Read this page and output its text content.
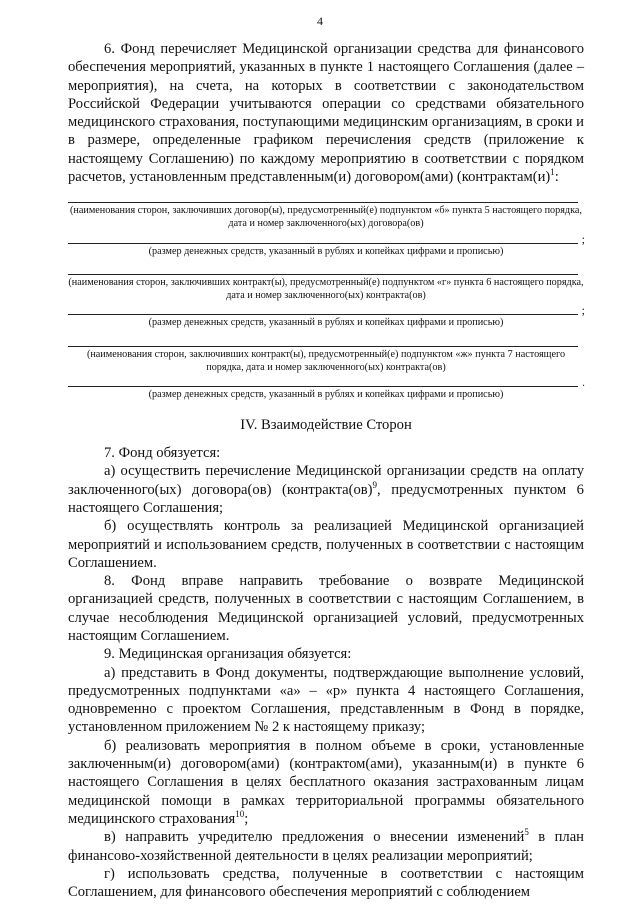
4

6. Фонд перечисляет Медицинской организации средства для финансового обеспечения мероприятий, указанных в пункте 1 настоящего Соглашения (далее – мероприятия), на счета, на которых в соответствии с законодательством Российской Федерации учитываются операции со средствами обязательного медицинского страхования, поступающими медицинским организациям, в сроки и в размере, определенные графиком перечисления средств (приложение к настоящему Соглашению) по каждому мероприятию в соответствии с порядком расчетов, установленным представленным(и) договором(ами) ($контрактам(и)^1$:

(наименования сторон, заключивших договор(ы), предусмотренный(е) подпунктом «б» пункта 5 настоящего порядка, дата и номер заключенного(ых) договора(ов)
;
(размер денежных средств, указанный в рублях и копейках цифрами и прописью)
(наименования сторон, заключивших контракт(ы), предусмотренный(е) подпунктом «г» пункта 6 настоящего порядка, дата и номер заключенного(ых) контракта(ов)
;
(размер денежных средств, указанный в рублях и копейках цифрами и прописью)
(наименования сторон, заключивших контракт(ы), предусмотренный(е) подпунктом «ж» пункта 7 настоящего порядка, дата и номер заключенного(ых) контракта(ов)
.
(размер денежных средств, указанный в рублях и копейках цифрами и прописью)

IV. Взаимодействие Сторон

7. Фонд обязуется:

а) осуществить перечисление Медицинской организации средств на оплату заключенного(ых) договора(ов) (контракта(ов)$^9$, предусмотренных пунктом 6 настоящего Соглашения;

б) осуществлять контроль за реализацией Медицинской организацией мероприятий и использованием средств, полученных в соответствии с настоящим Соглашением.

8. Фонд вправе направить требование о возврате Медицинской организацией средств, полученных в соответствии с настоящим Соглашением, в случае несоблюдения Медицинской организацией условий, предусмотренных настоящим Соглашением.

9. Медицинская организация обязуется:

а) представить в Фонд документы, подтверждающие выполнение условий, предусмотренных подпунктами «а» – «р» пункта 4 настоящего Соглашения, одновременно с проектом Соглашения, представленным в Фонд в порядке, установленном приложением № 2 к настоящему приказу;

б) реализовать мероприятия в полном объеме в сроки, установленные заключенным(и) договором(ами) (контрактом(ами), указанным(и) в пункте 6 настоящего Соглашения в целях бесплатного оказания застрахованным лицам медицинской помощи в рамках территориальной программы обязательного медицинского страхования$^{10}$;

в) направить учредителю предложения о внесении изменений$^5$ в план финансово-хозяйственной деятельности в целях реализации мероприятий;

г) использовать средства, полученные в соответствии с настоящим Соглашением, для финансового обеспечения мероприятий с соблюдением
